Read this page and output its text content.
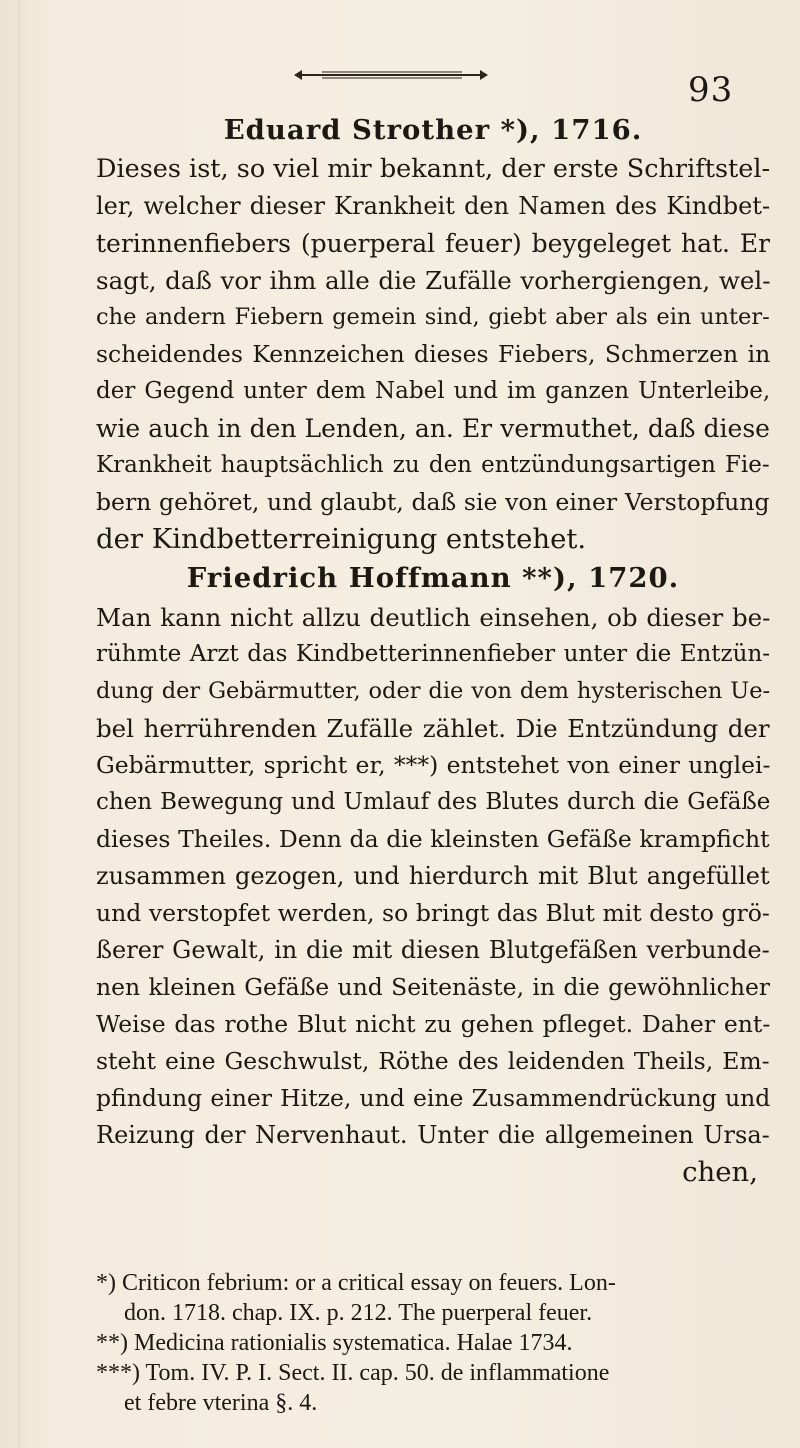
93
Eduard Strother *), 1716.
Dieses ist, so viel mir bekannt, der erste Schriftstel-
ler, welcher dieser Krankheit den Namen des Kindbet-
terinnenfiebers (puerperal feuer) beygeleget hat. Er
sagt, daß vor ihm alle die Zufälle vorhergiengen, wel-
che andern Fiebern gemein sind, giebt aber als ein unter-
scheidendes Kennzeichen dieses Fiebers, Schmerzen in
der Gegend unter dem Nabel und im ganzen Unterleibe,
wie auch in den Lenden, an. Er vermuthet, daß diese
Krankheit hauptsächlich zu den entzündungsartigen Fie-
bern gehöret, und glaubt, daß sie von einer Verstopfung
der Kindbetterreinigung entstehet.
Friedrich Hoffmann **), 1720.
Man kann nicht allzu deutlich einsehen, ob dieser be-
rühmte Arzt das Kindbetterinnenfieber unter die Entzün-
dung der Gebärmutter, oder die von dem hysterischen Ue-
bel herrührenden Zufälle zählet. Die Entzündung der
Gebärmutter, spricht er, ***) entstehet von einer unglei-
chen Bewegung und Umlauf des Blutes durch die Gefäße
dieses Theiles. Denn da die kleinsten Gefäße krampficht
zusammen gezogen, und hierdurch mit Blut angefüllet
und verstopfet werden, so bringt das Blut mit desto grö-
ßerer Gewalt, in die mit diesen Blutgefäßen verbunde-
nen kleinen Gefäße und Seitenäste, in die gewöhnlicher
Weise das rothe Blut nicht zu gehen pfleget. Daher ent-
steht eine Geschwulst, Röthe des leidenden Theils, Em-
pfindung einer Hitze, und eine Zusammendrückung und
Reizung der Nervenhaut. Unter die allgemeinen Ursa-
chen,
*) Criticon febrium: or a critical essay on feuers. Lon-
don. 1718. chap. IX. p. 212. The puerperal feuer.
**) Medicina rationialis systematica. Halae 1734.
***) Tom. IV. P. I. Sect. II. cap. 50. de inflammatione
et febre vterina §. 4.
